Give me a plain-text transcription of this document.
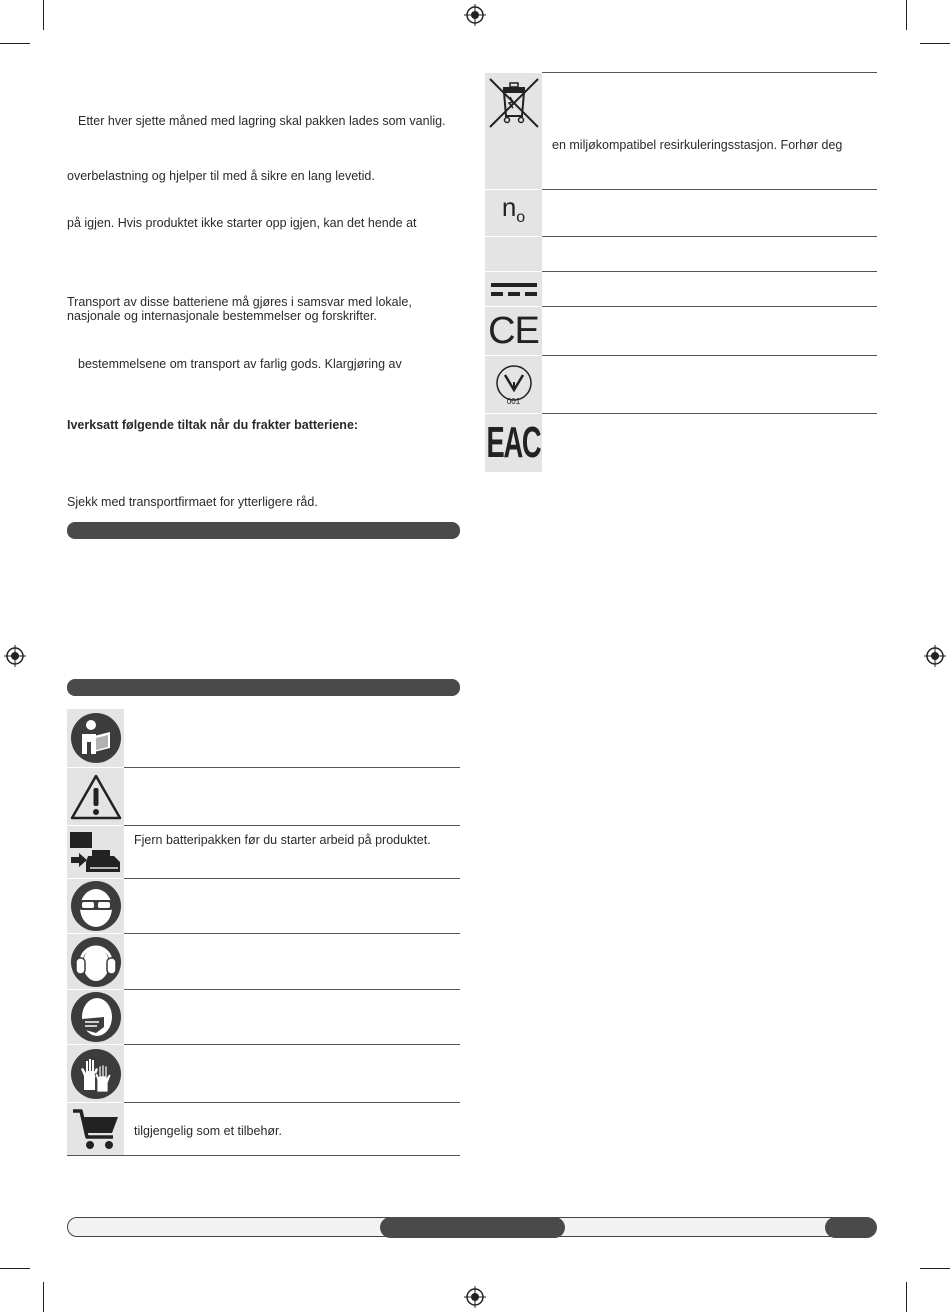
Etter hver sjette måned med lagring skal pakken lades som vanlig.
overbelastning og hjelper til med å sikre en lang levetid.
på igjen. Hvis produktet ikke starter opp igjen, kan det hende at
Transport av disse batteriene må gjøres i samsvar med lokale,
nasjonale og internasjonale bestemmelser og forskrifter.
bestemmelsene om transport av farlig gods. Klargjøring av
Iverksatt følgende tiltak når du frakter batteriene:
Sjekk med transportfirmaet for ytterligere råd.
Fjern batteripakken før du starter arbeid på produktet.
tilgjengelig som et tilbehør.
en miljøkompatibel resirkuleringsstasjon. Forhør deg
$n_o$
CE
001
EAC
